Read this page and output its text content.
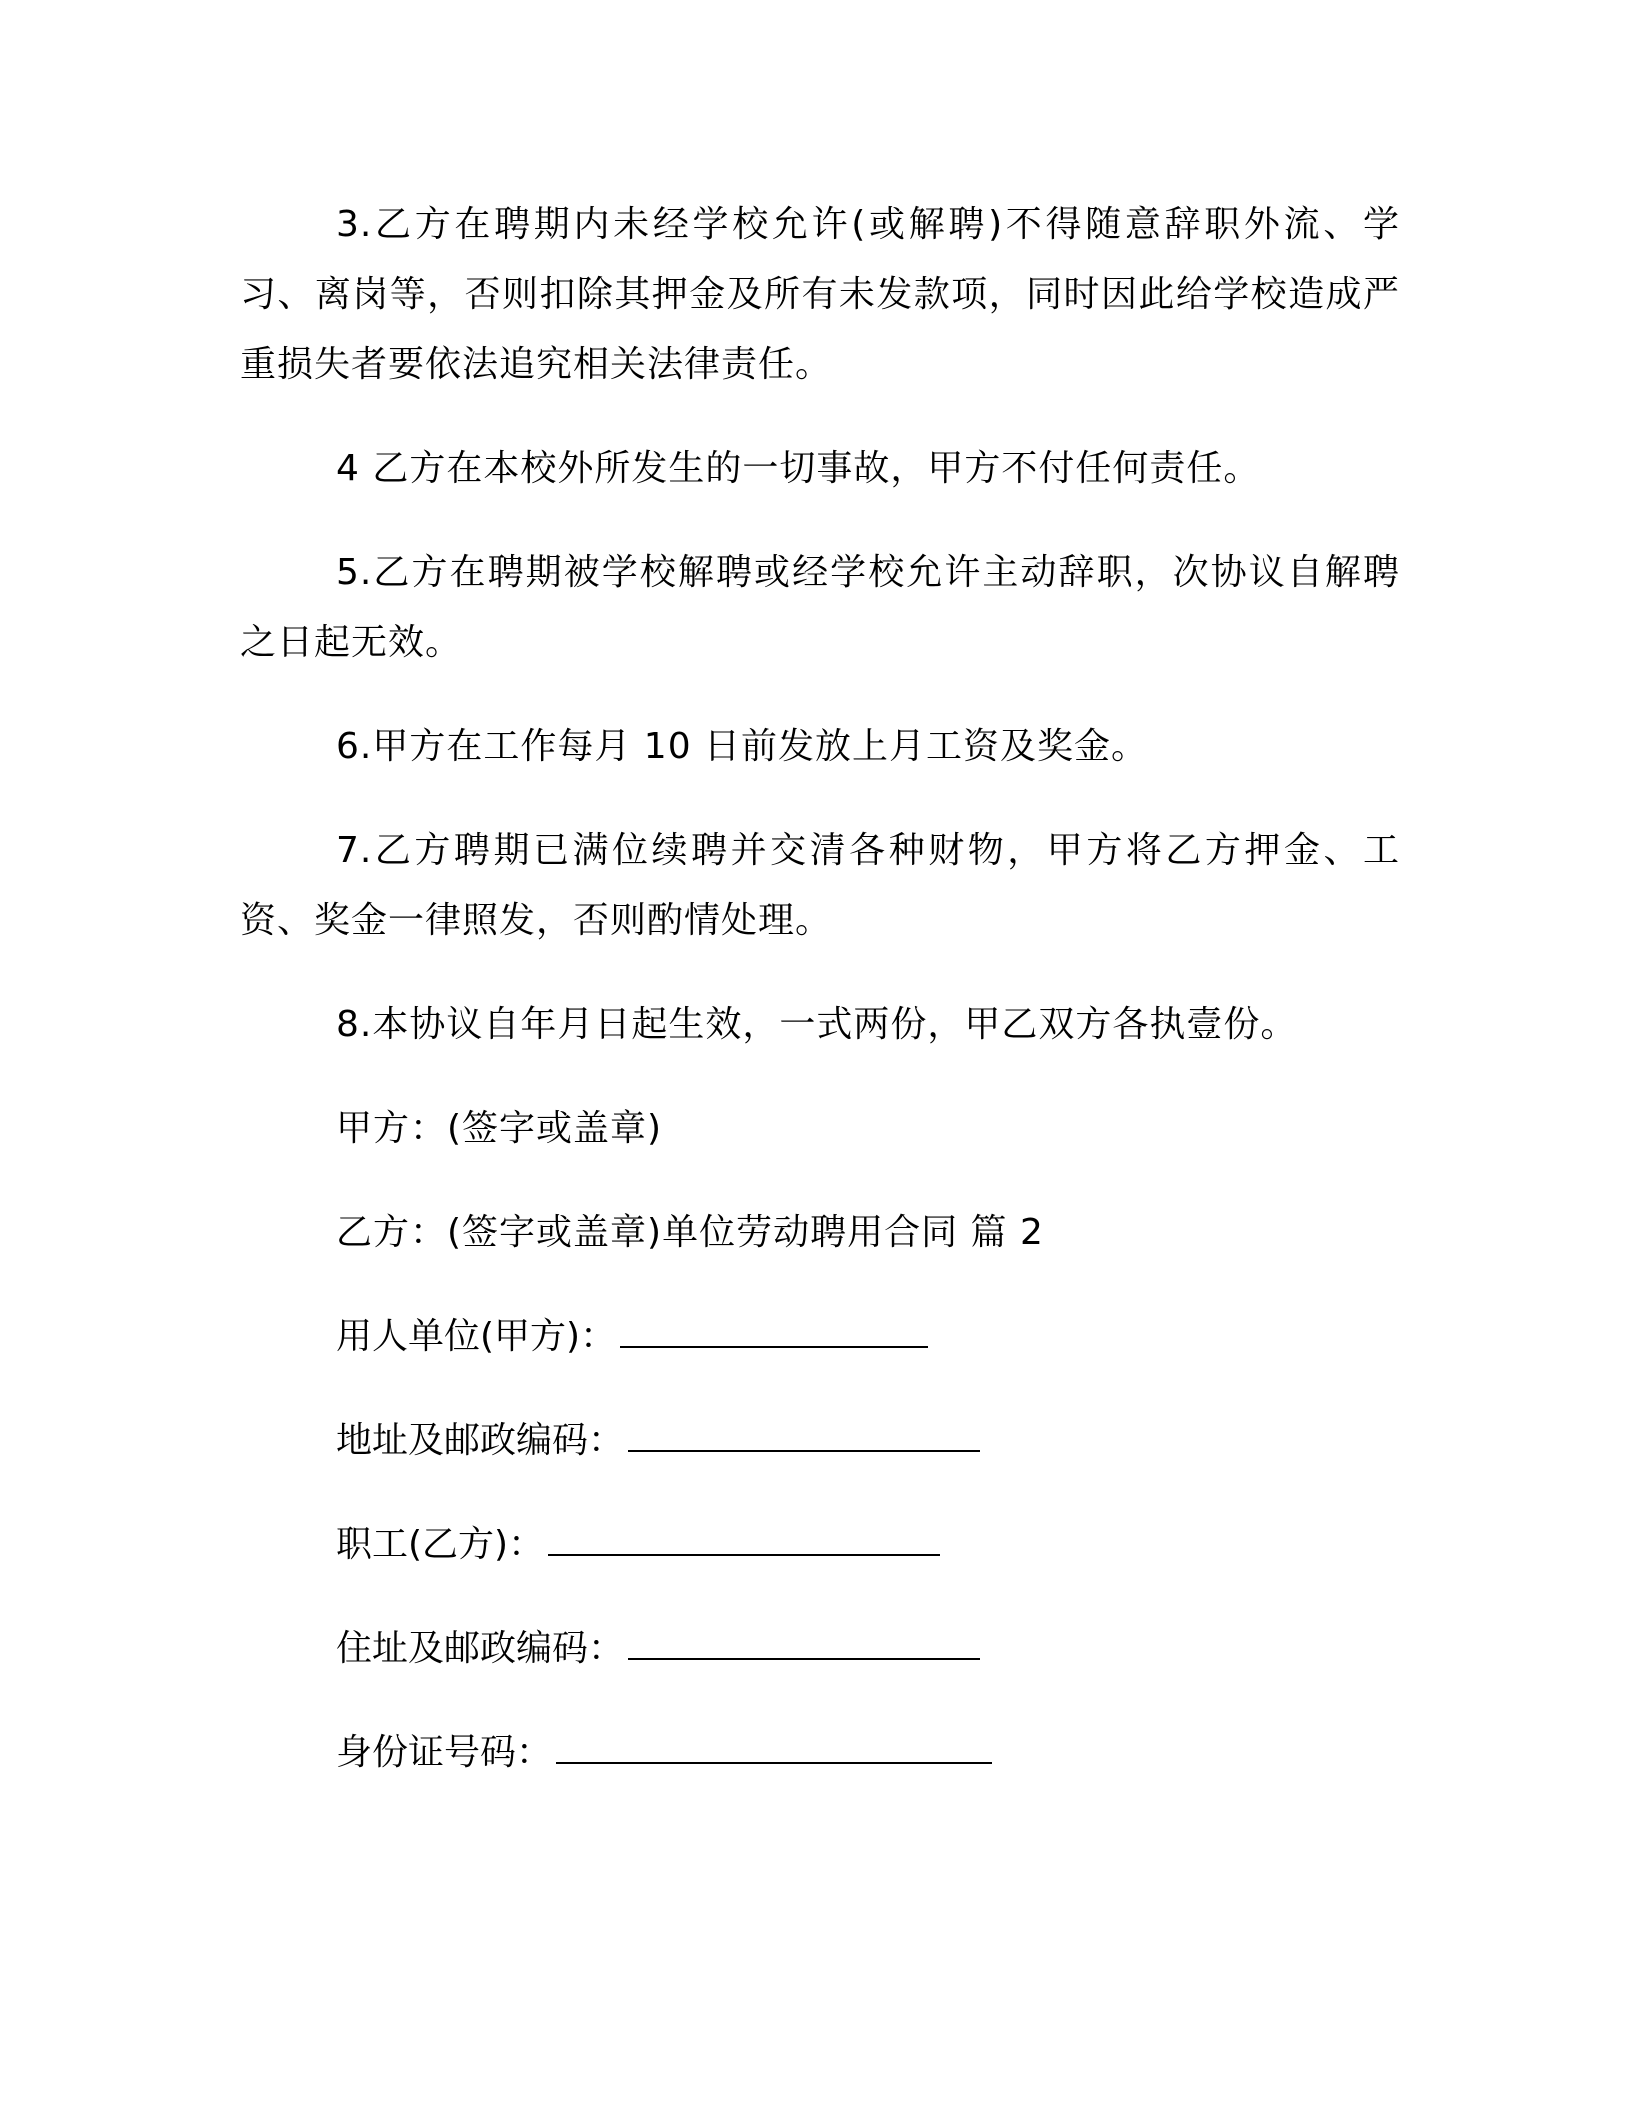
3.乙方在聘期内未经学校允许(或解聘)不得随意辞职外流、学习、离岗等，否则扣除其押金及所有未发款项，同时因此给学校造成严重损失者要依法追究相关法律责任。

4 乙方在本校外所发生的一切事故，甲方不付任何责任。

5.乙方在聘期被学校解聘或经学校允许主动辞职，次协议自解聘之日起无效。

6.甲方在工作每月 10 日前发放上月工资及奖金。

7.乙方聘期已满位续聘并交清各种财物，甲方将乙方押金、工资、奖金一律照发，否则酌情处理。

8.本协议自年月日起生效，一式两份，甲乙双方各执壹份。

甲方：(签字或盖章)

乙方：(签字或盖章)单位劳动聘用合同 篇 2

用人单位(甲方)：

地址及邮政编码：

职工(乙方)：

住址及邮政编码：

身份证号码：
